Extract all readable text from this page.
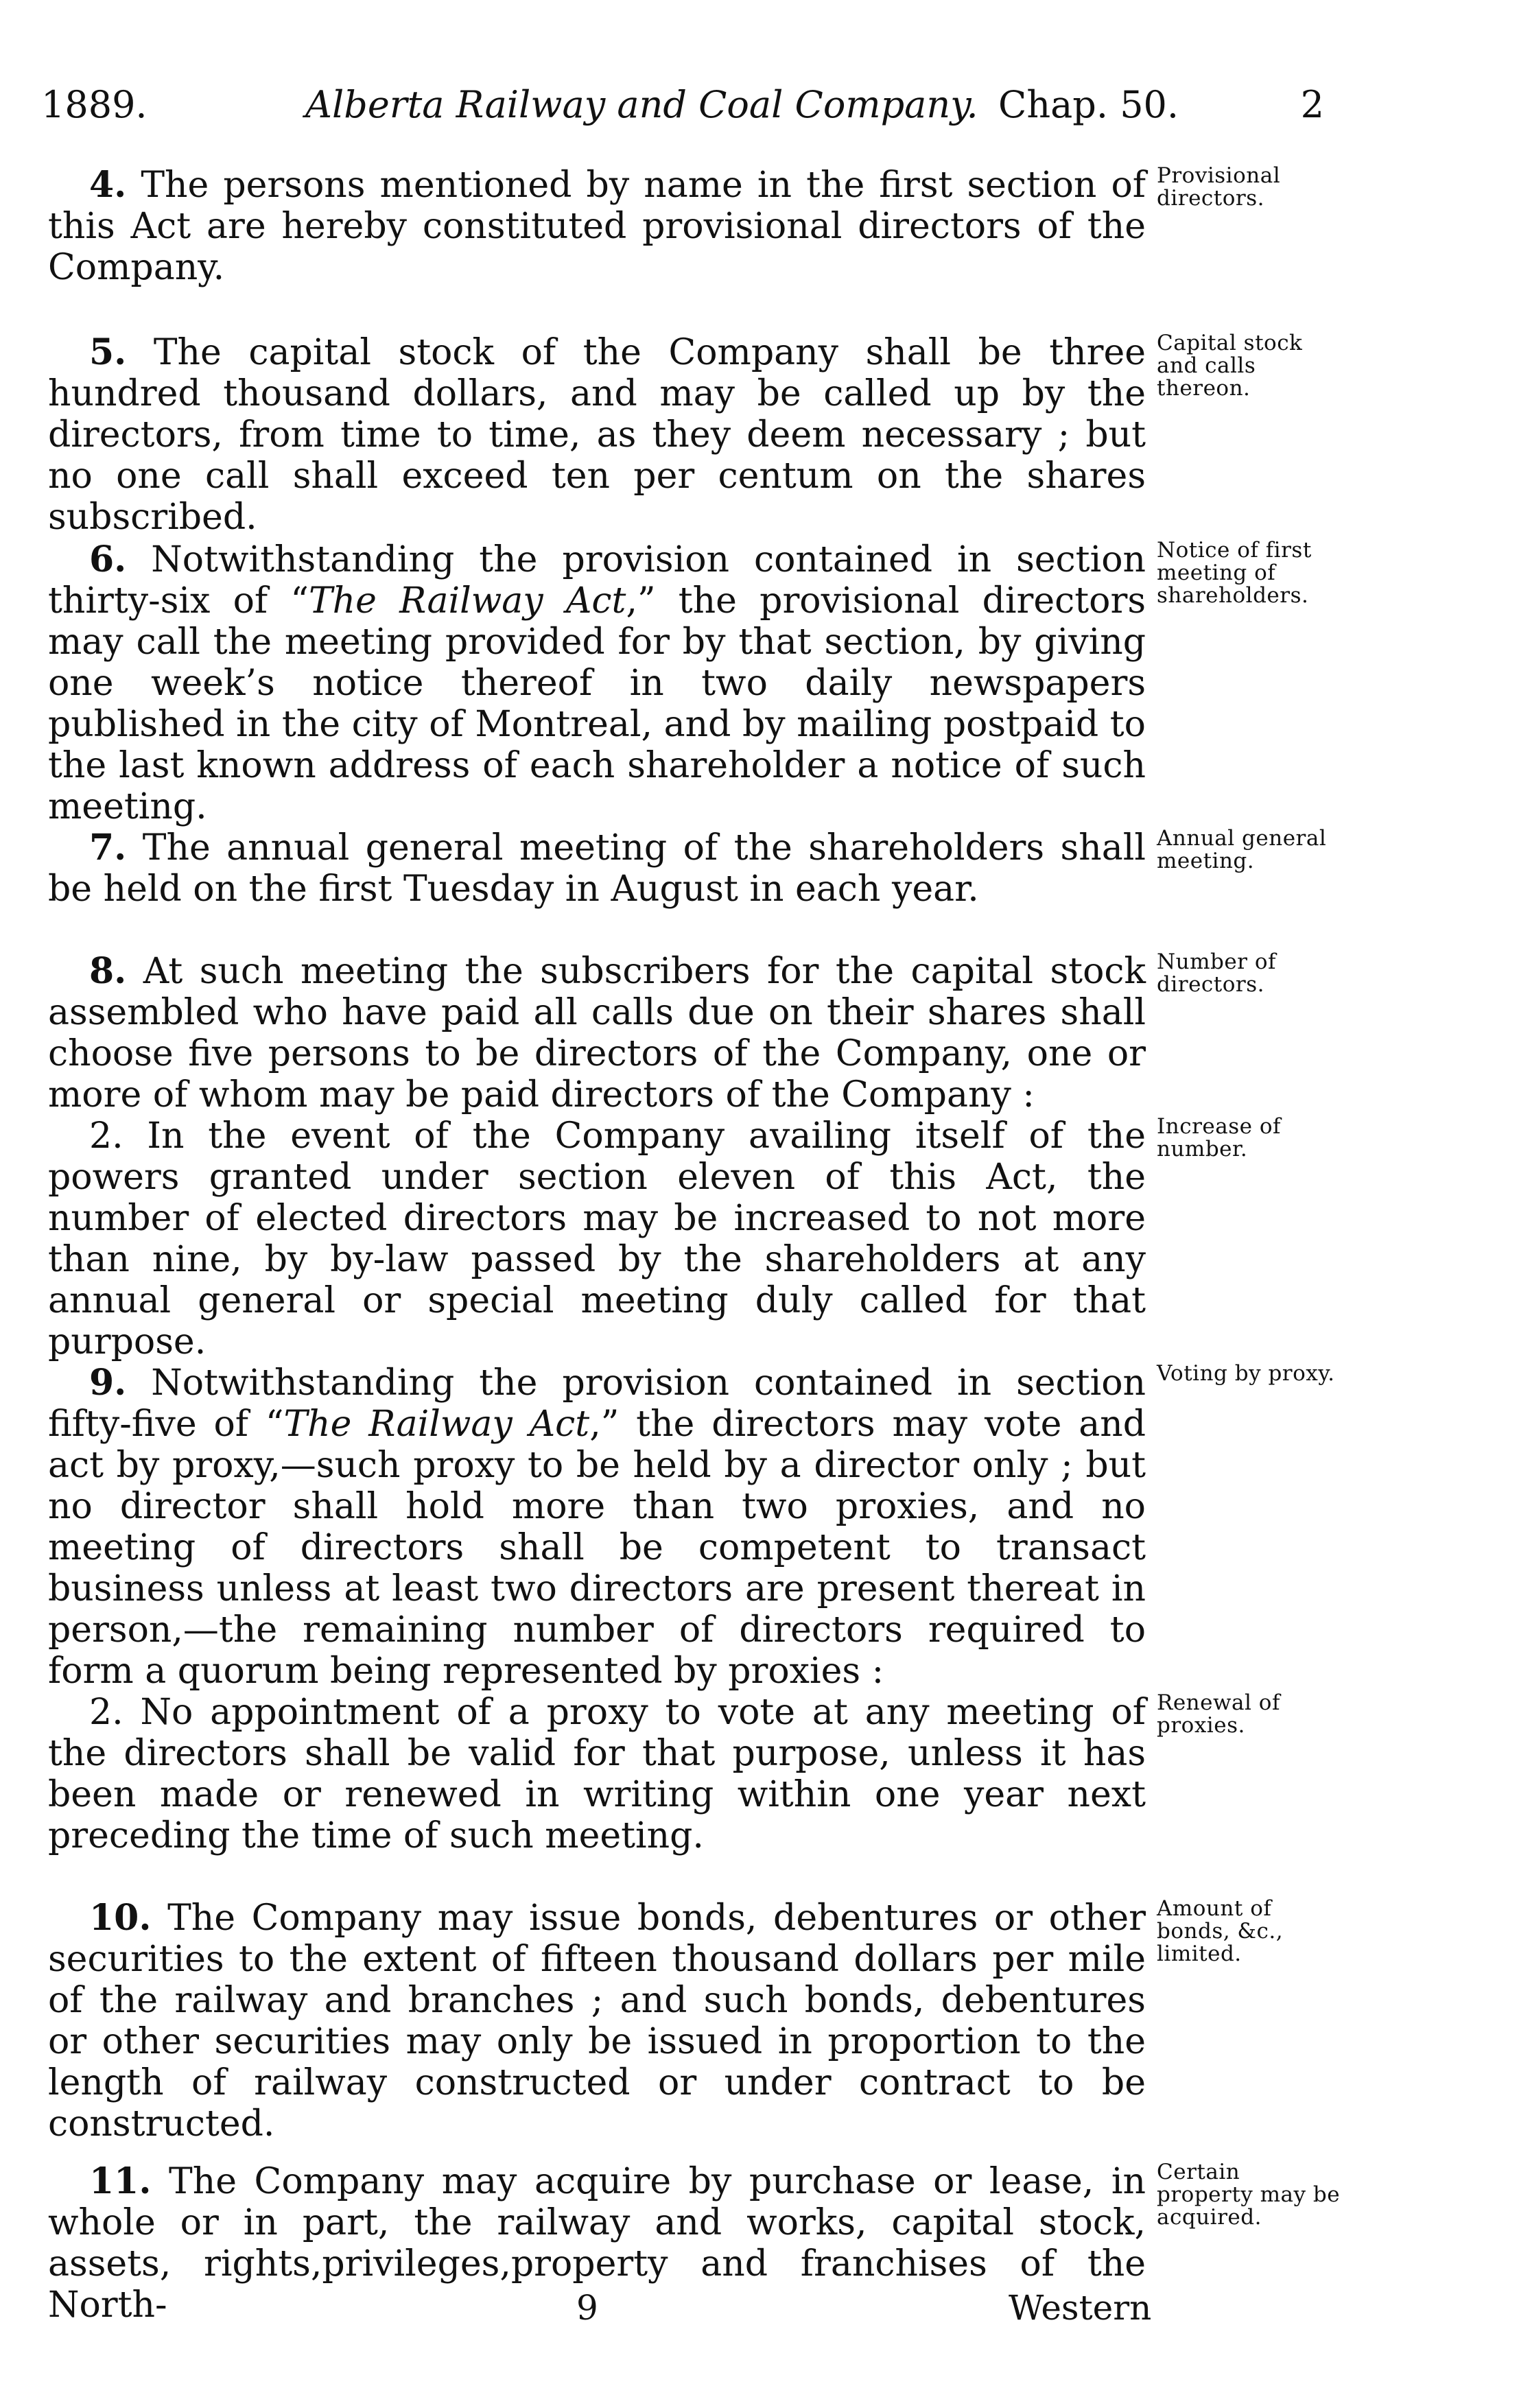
1889.	Alberta Railway and Coal Company. Chap. 50.	2

4. The persons mentioned by name in the first section of this Act are hereby constituted provisional directors of the Company.

Provisional directors.

5. The capital stock of the Company shall be three hundred thousand dollars, and may be called up by the directors, from time to time, as they deem necessary ; but no one call shall exceed ten per centum on the shares subscribed.

Capital stock and calls thereon.

6. Notwithstanding the provision contained in section thirty-six of “The Railway Act,” the provisional directors may call the meeting provided for by that section, by giving one week’s notice thereof in two daily newspapers published in the city of Montreal, and by mailing postpaid to the last known address of each shareholder a notice of such meeting.

Notice of first meeting of shareholders.

7. The annual general meeting of the shareholders shall be held on the first Tuesday in August in each year.

Annual general meeting.

8. At such meeting the subscribers for the capital stock assembled who have paid all calls due on their shares shall choose five persons to be directors of the Company, one or more of whom may be paid directors of the Company :

2. In the event of the Company availing itself of the powers granted under section eleven of this Act, the number of elected directors may be increased to not more than nine, by by-law passed by the shareholders at any annual general or special meeting duly called for that purpose.

Number of directors.
Increase of number.

9. Notwithstanding the provision contained in section fifty-five of “The Railway Act,” the directors may vote and act by proxy,—such proxy to be held by a director only ; but no director shall hold more than two proxies, and no meeting of directors shall be competent to transact business unless at least two directors are present thereat in person,—the remaining number of directors required to form a quorum being represented by proxies :

2. No appointment of a proxy to vote at any meeting of the directors shall be valid for that purpose, unless it has been made or renewed in writing within one year next preceding the time of such meeting.

Voting by proxy.
Renewal of proxies.

10. The Company may issue bonds, debentures or other securities to the extent of fifteen thousand dollars per mile of the railway and branches ; and such bonds, debentures or other securities may only be issued in proportion to the length of railway constructed or under contract to be constructed.

Amount of bonds, &c., limited.

11. The Company may acquire by purchase or lease, in whole or in part, the railway and works, capital stock, assets, rights,privileges,property and franchises of the North-

Certain property may be acquired.
9	Western
